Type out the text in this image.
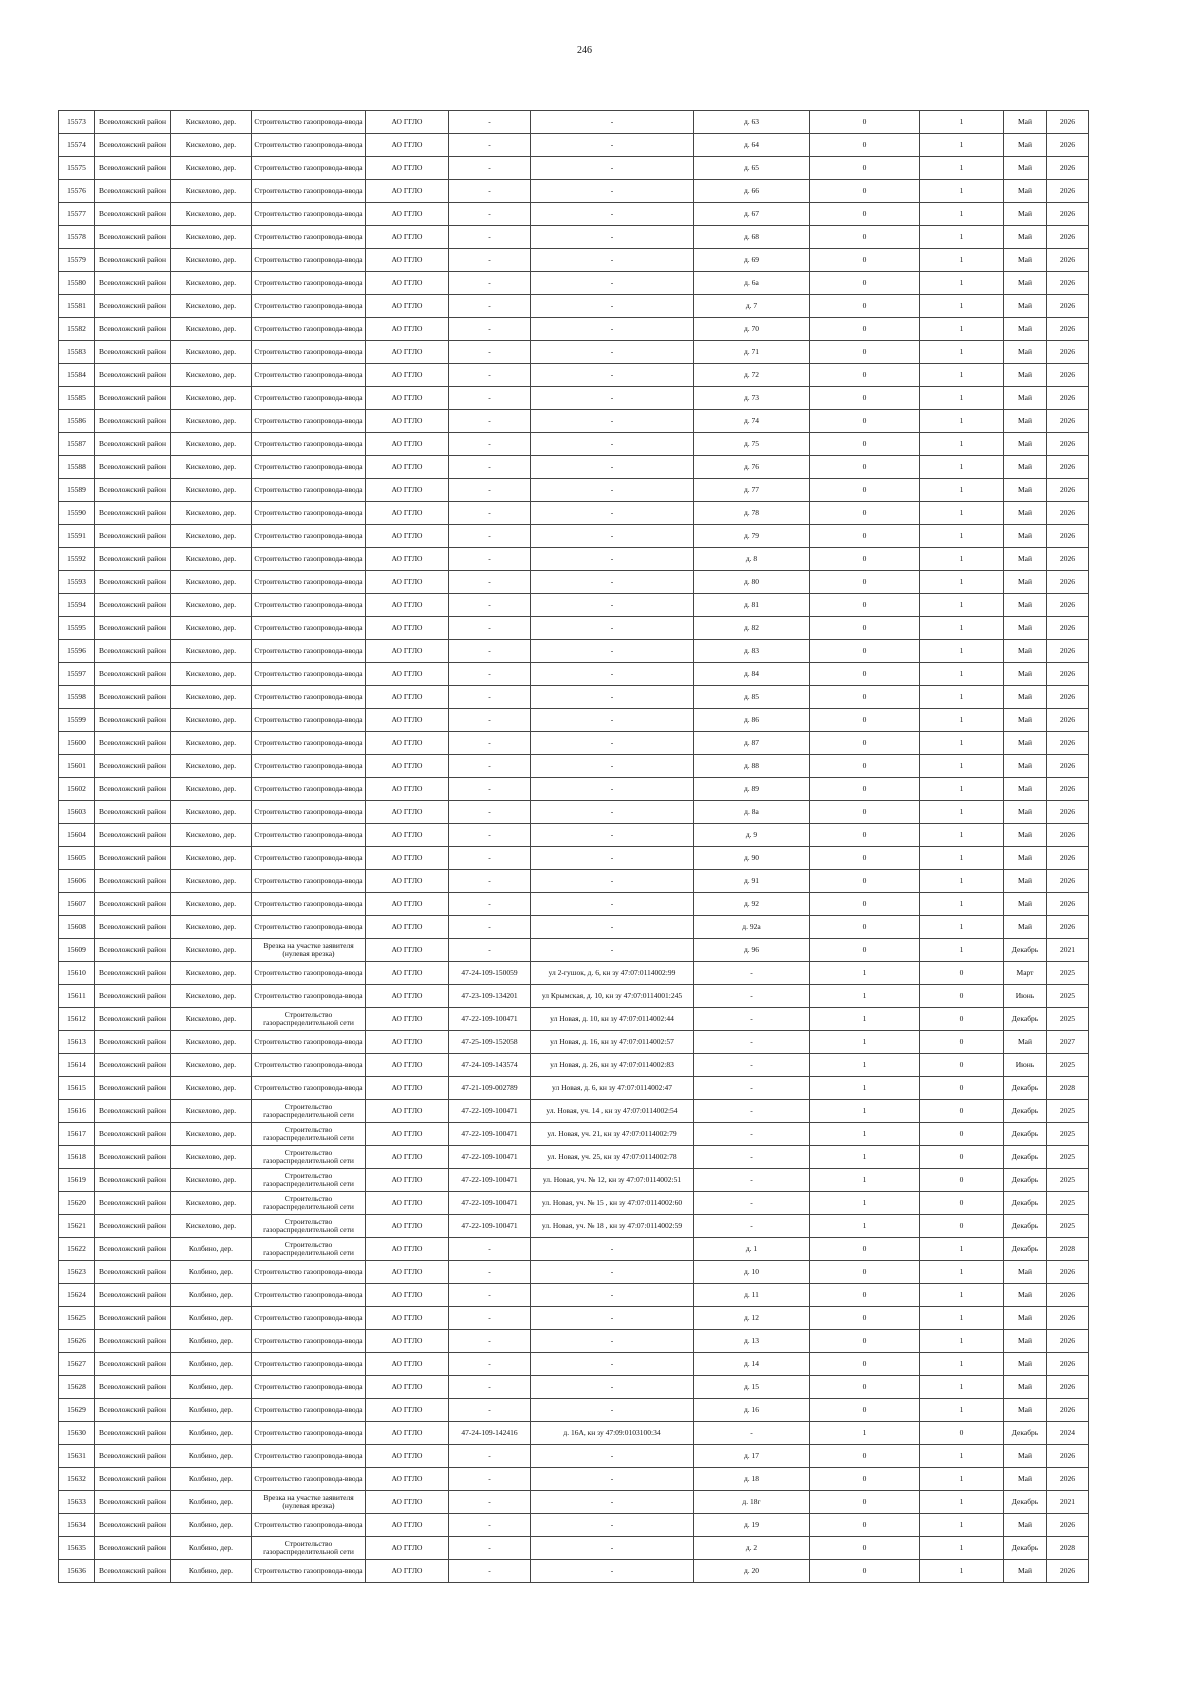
246
15573	Всеволожский район	Кискелово, дер.	Строительство газопровода-ввода	АО ГГЛО	-	-	д. 63	0	1	Май	2026
15574	Всеволожский район	Кискелово, дер.	Строительство газопровода-ввода	АО ГГЛО	-	-	д. 64	0	1	Май	2026
15575	Всеволожский район	Кискелово, дер.	Строительство газопровода-ввода	АО ГГЛО	-	-	д. 65	0	1	Май	2026
15576	Всеволожский район	Кискелово, дер.	Строительство газопровода-ввода	АО ГГЛО	-	-	д. 66	0	1	Май	2026
15577	Всеволожский район	Кискелово, дер.	Строительство газопровода-ввода	АО ГГЛО	-	-	д. 67	0	1	Май	2026
15578	Всеволожский район	Кискелово, дер.	Строительство газопровода-ввода	АО ГГЛО	-	-	д. 68	0	1	Май	2026
15579	Всеволожский район	Кискелово, дер.	Строительство газопровода-ввода	АО ГГЛО	-	-	д. 69	0	1	Май	2026
15580	Всеволожский район	Кискелово, дер.	Строительство газопровода-ввода	АО ГГЛО	-	-	д. 6а	0	1	Май	2026
15581	Всеволожский район	Кискелово, дер.	Строительство газопровода-ввода	АО ГГЛО	-	-	д. 7	0	1	Май	2026
15582	Всеволожский район	Кискелово, дер.	Строительство газопровода-ввода	АО ГГЛО	-	-	д. 70	0	1	Май	2026
15583	Всеволожский район	Кискелово, дер.	Строительство газопровода-ввода	АО ГГЛО	-	-	д. 71	0	1	Май	2026
15584	Всеволожский район	Кискелово, дер.	Строительство газопровода-ввода	АО ГГЛО	-	-	д. 72	0	1	Май	2026
15585	Всеволожский район	Кискелово, дер.	Строительство газопровода-ввода	АО ГГЛО	-	-	д. 73	0	1	Май	2026
15586	Всеволожский район	Кискелово, дер.	Строительство газопровода-ввода	АО ГГЛО	-	-	д. 74	0	1	Май	2026
15587	Всеволожский район	Кискелово, дер.	Строительство газопровода-ввода	АО ГГЛО	-	-	д. 75	0	1	Май	2026
15588	Всеволожский район	Кискелово, дер.	Строительство газопровода-ввода	АО ГГЛО	-	-	д. 76	0	1	Май	2026
15589	Всеволожский район	Кискелово, дер.	Строительство газопровода-ввода	АО ГГЛО	-	-	д. 77	0	1	Май	2026
15590	Всеволожский район	Кискелово, дер.	Строительство газопровода-ввода	АО ГГЛО	-	-	д. 78	0	1	Май	2026
15591	Всеволожский район	Кискелово, дер.	Строительство газопровода-ввода	АО ГГЛО	-	-	д. 79	0	1	Май	2026
15592	Всеволожский район	Кискелово, дер.	Строительство газопровода-ввода	АО ГГЛО	-	-	д. 8	0	1	Май	2026
15593	Всеволожский район	Кискелово, дер.	Строительство газопровода-ввода	АО ГГЛО	-	-	д. 80	0	1	Май	2026
15594	Всеволожский район	Кискелово, дер.	Строительство газопровода-ввода	АО ГГЛО	-	-	д. 81	0	1	Май	2026
15595	Всеволожский район	Кискелово, дер.	Строительство газопровода-ввода	АО ГГЛО	-	-	д. 82	0	1	Май	2026
15596	Всеволожский район	Кискелово, дер.	Строительство газопровода-ввода	АО ГГЛО	-	-	д. 83	0	1	Май	2026
15597	Всеволожский район	Кискелово, дер.	Строительство газопровода-ввода	АО ГГЛО	-	-	д. 84	0	1	Май	2026
15598	Всеволожский район	Кискелово, дер.	Строительство газопровода-ввода	АО ГГЛО	-	-	д. 85	0	1	Май	2026
15599	Всеволожский район	Кискелово, дер.	Строительство газопровода-ввода	АО ГГЛО	-	-	д. 86	0	1	Май	2026
15600	Всеволожский район	Кискелово, дер.	Строительство газопровода-ввода	АО ГГЛО	-	-	д. 87	0	1	Май	2026
15601	Всеволожский район	Кискелово, дер.	Строительство газопровода-ввода	АО ГГЛО	-	-	д. 88	0	1	Май	2026
15602	Всеволожский район	Кискелово, дер.	Строительство газопровода-ввода	АО ГГЛО	-	-	д. 89	0	1	Май	2026
15603	Всеволожский район	Кискелово, дер.	Строительство газопровода-ввода	АО ГГЛО	-	-	д. 8а	0	1	Май	2026
15604	Всеволожский район	Кискелово, дер.	Строительство газопровода-ввода	АО ГГЛО	-	-	д. 9	0	1	Май	2026
15605	Всеволожский район	Кискелово, дер.	Строительство газопровода-ввода	АО ГГЛО	-	-	д. 90	0	1	Май	2026
15606	Всеволожский район	Кискелово, дер.	Строительство газопровода-ввода	АО ГГЛО	-	-	д. 91	0	1	Май	2026
15607	Всеволожский район	Кискелово, дер.	Строительство газопровода-ввода	АО ГГЛО	-	-	д. 92	0	1	Май	2026
15608	Всеволожский район	Кискелово, дер.	Строительство газопровода-ввода	АО ГГЛО	-	-	д. 92а	0	1	Май	2026
15609	Всеволожский район	Кискелово, дер.	Врезка на участке заявителя (нулевая врезка)	АО ГГЛО	-	-	д. 96	0	1	Декабрь	2021
15610	Всеволожский район	Кискелово, дер.	Строительство газопровода-ввода	АО ГГЛО	47-24-109-150059	ул 2-гушок, д. 6, кн зу 47:07:0114002:99	-	1	0	Март	2025
15611	Всеволожский район	Кискелово, дер.	Строительство газопровода-ввода	АО ГГЛО	47-23-109-134201	ул Крымская, д. 10, кн зу 47:07:0114001:245	-	1	0	Июнь	2025
15612	Всеволожский район	Кискелово, дер.	Строительство газораспределительной сети	АО ГГЛО	47-22-109-100471	ул Новая, д. 10, кн зу 47:07:0114002:44	-	1	0	Декабрь	2025
15613	Всеволожский район	Кискелово, дер.	Строительство газопровода-ввода	АО ГГЛО	47-25-109-152058	ул Новая, д. 16, кн зу 47:07:0114002:57	-	1	0	Май	2027
15614	Всеволожский район	Кискелово, дер.	Строительство газопровода-ввода	АО ГГЛО	47-24-109-143574	ул Новая, д. 26, кн зу 47:07:0114002:83	-	1	0	Июнь	2025
15615	Всеволожский район	Кискелово, дер.	Строительство газопровода-ввода	АО ГГЛО	47-21-109-002789	ул Новая, д. 6, кн зу 47:07:0114002:47	-	1	0	Декабрь	2028
15616	Всеволожский район	Кискелово, дер.	Строительство газораспределительной сети	АО ГГЛО	47-22-109-100471	ул. Новая, уч. 14 , кн зу 47:07:0114002:54	-	1	0	Декабрь	2025
15617	Всеволожский район	Кискелово, дер.	Строительство газораспределительной сети	АО ГГЛО	47-22-109-100471	ул. Новая, уч. 21, кн зу 47:07:0114002:79	-	1	0	Декабрь	2025
15618	Всеволожский район	Кискелово, дер.	Строительство газораспределительной сети	АО ГГЛО	47-22-109-100471	ул. Новая, уч. 25, кн зу 47:07:0114002:78	-	1	0	Декабрь	2025
15619	Всеволожский район	Кискелово, дер.	Строительство газораспределительной сети	АО ГГЛО	47-22-109-100471	ул. Новая, уч. № 12, кн зу 47:07:0114002:51	-	1	0	Декабрь	2025
15620	Всеволожский район	Кискелово, дер.	Строительство газораспределительной сети	АО ГГЛО	47-22-109-100471	ул. Новая, уч. № 15 , кн зу 47:07:0114002:60	-	1	0	Декабрь	2025
15621	Всеволожский район	Кискелово, дер.	Строительство газораспределительной сети	АО ГГЛО	47-22-109-100471	ул. Новая, уч. № 18 , кн зу 47:07:0114002:59	-	1	0	Декабрь	2025
15622	Всеволожский район	Колбино, дер.	Строительство газораспределительной сети	АО ГГЛО	-	-	д. 1	0	1	Декабрь	2028
15623	Всеволожский район	Колбино, дер.	Строительство газопровода-ввода	АО ГГЛО	-	-	д. 10	0	1	Май	2026
15624	Всеволожский район	Колбино, дер.	Строительство газопровода-ввода	АО ГГЛО	-	-	д. 11	0	1	Май	2026
15625	Всеволожский район	Колбино, дер.	Строительство газопровода-ввода	АО ГГЛО	-	-	д. 12	0	1	Май	2026
15626	Всеволожский район	Колбино, дер.	Строительство газопровода-ввода	АО ГГЛО	-	-	д. 13	0	1	Май	2026
15627	Всеволожский район	Колбино, дер.	Строительство газопровода-ввода	АО ГГЛО	-	-	д. 14	0	1	Май	2026
15628	Всеволожский район	Колбино, дер.	Строительство газопровода-ввода	АО ГГЛО	-	-	д. 15	0	1	Май	2026
15629	Всеволожский район	Колбино, дер.	Строительство газопровода-ввода	АО ГГЛО	-	-	д. 16	0	1	Май	2026
15630	Всеволожский район	Колбино, дер.	Строительство газопровода-ввода	АО ГГЛО	47-24-109-142416	д. 16А, кн зу 47:09:0103100:34	-	1	0	Декабрь	2024
15631	Всеволожский район	Колбино, дер.	Строительство газопровода-ввода	АО ГГЛО	-	-	д. 17	0	1	Май	2026
15632	Всеволожский район	Колбино, дер.	Строительство газопровода-ввода	АО ГГЛО	-	-	д. 18	0	1	Май	2026
15633	Всеволожский район	Колбино, дер.	Врезка на участке заявителя (нулевая врезка)	АО ГГЛО	-	-	д. 18г	0	1	Декабрь	2021
15634	Всеволожский район	Колбино, дер.	Строительство газопровода-ввода	АО ГГЛО	-	-	д. 19	0	1	Май	2026
15635	Всеволожский район	Колбино, дер.	Строительство газораспределительной сети	АО ГГЛО	-	-	д. 2	0	1	Декабрь	2028
15636	Всеволожский район	Колбино, дер.	Строительство газопровода-ввода	АО ГГЛО	-	-	д. 20	0	1	Май	2026
